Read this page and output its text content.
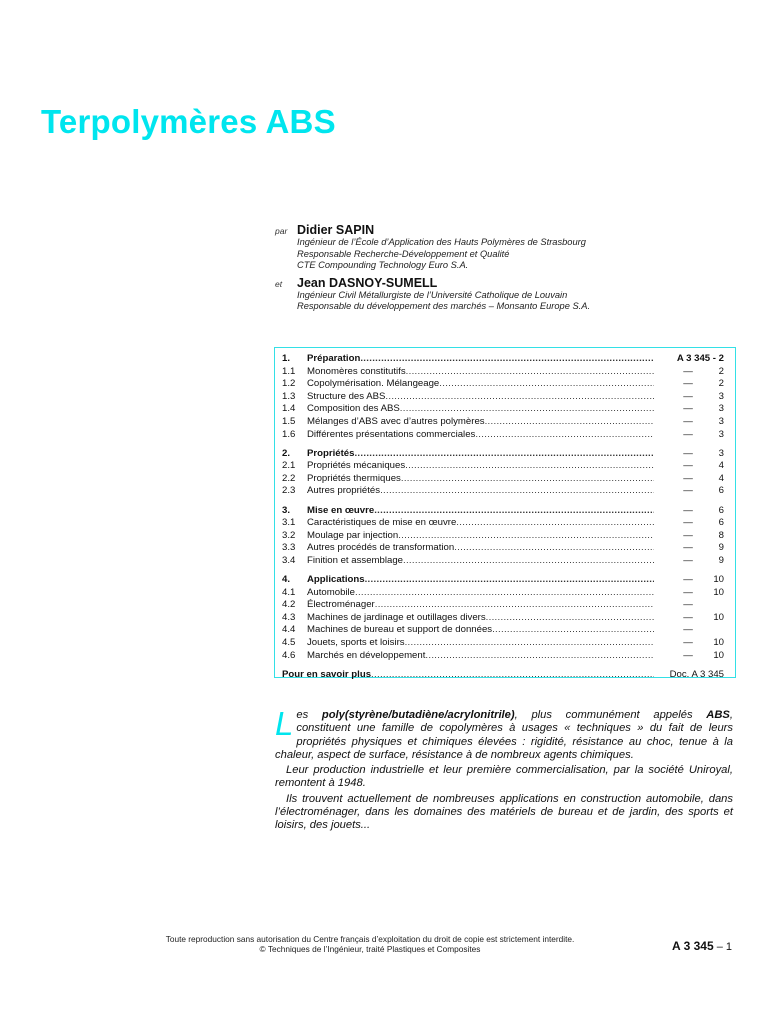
Terpolymères ABS
par Didier SAPIN
Ingénieur de l’École d’Application des Hauts Polymères de Strasbourg
Responsable Recherche-Développement et Qualité
CTE Compounding Technology Euro S.A.
et Jean DASNOY-SUMELL
Ingénieur Civil Métallurgiste de l’Université Catholique de Louvain
Responsable du développement des marchés – Monsanto Europe S.A.
1.	Préparation .....	A 3 345 - 2
1.1	Monomères constitutifs .....	—	2
1.2	Copolymérisation. Mélangeage .....	—	2
1.3	Structure des ABS .....	—	3
1.4	Composition des ABS .....	—	3
1.5	Mélanges d’ABS avec d’autres polymères .....	—	3
1.6	Différentes présentations commerciales .....	—	3
2.	Propriétés .....	—	3
2.1	Propriétés mécaniques .....	—	4
2.2	Propriétés thermiques .....	—	4
2.3	Autres propriétés .....	—	6
3.	Mise en œuvre .....	—	6
3.1	Caractéristiques de mise en œuvre .....	—	6
3.2	Moulage par injection .....	—	8
3.3	Autres procédés de transformation .....	—	9
3.4	Finition et assemblage .....	—	9
4.	Applications .....	— 10
4.1	Automobile .....	— 10
4.2	Électroménager .....	—
4.3	Machines de jardinage et outillages divers .....	— 10
4.4	Machines de bureau et support de données .....	—
4.5	Jouets, sports et loisirs .....	— 10
4.6	Marchés en développement .....	— 10
Pour en savoir plus .....	Doc. A 3 345

Les poly(styrène/butadiène/acrylonitrile), plus communément appelés ABS, constituent une famille de copolymères à usages « techniques » du fait de leurs propriétés physiques et chimiques élevées : rigidité, résistance au choc, tenue à la chaleur, aspect de surface, résistance à de nombreux agents chimiques.

Leur production industrielle et leur première commercialisation, par la société Uniroyal, remontent à 1948.

Ils trouvent actuellement de nombreuses applications en construction automobile, dans l’électroménager, dans les domaines des matériels de bureau et de jardin, des sports et loisirs, des jouets...

Toute reproduction sans autorisation du Centre français d’exploitation du droit de copie est strictement interdite.
© Techniques de l’Ingénieur, traité Plastiques et Composites	A 3 345 – 1
